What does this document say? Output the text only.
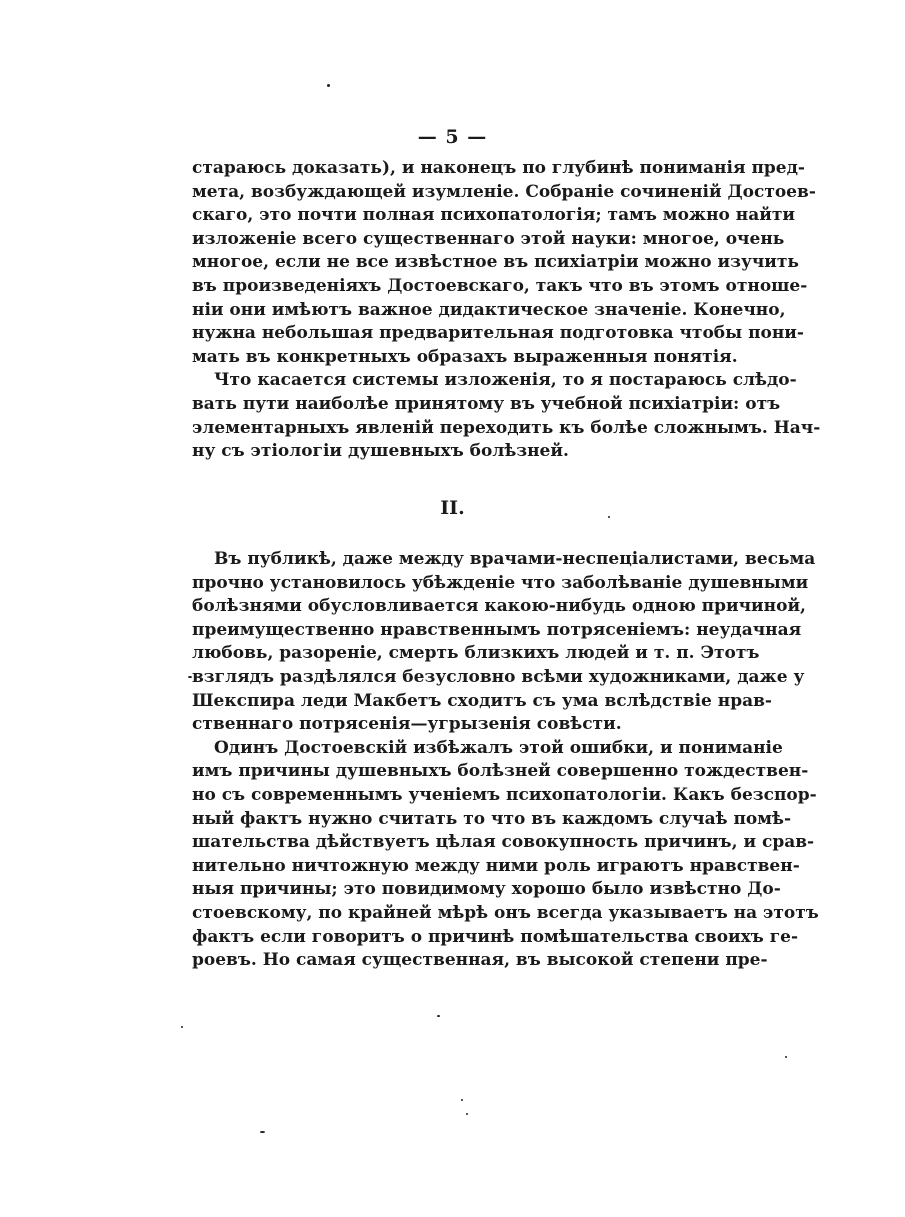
— 5 —
стараюсь доказать), и наконецъ по глубинѣ пониманія пред-
мета, возбуждающей изумленіе. Собраніе сочиненій Достоев-
скаго, это почти полная психопатологія; тамъ можно найти
изложеніе всего существеннаго этой науки: многое, очень
многое, если не все извѣстное въ психіатріи можно изучить
въ произведеніяхъ Достоевскаго, такъ что въ этомъ отноше-
ніи они имѣютъ важное дидактическое значеніе. Конечно,
нужна небольшая предварительная подготовка чтобы пони-
мать въ конкретныхъ образахъ выраженныя понятія.
Что касается системы изложенія, то я постараюсь слѣдо-
вать пути наиболѣе принятому въ учебной психіатріи: отъ
элементарныхъ явленій переходить къ болѣе сложнымъ. Нач-
ну съ этіологіи душевныхъ болѣзней.
II.
Въ публикѣ, даже между врачами-неспеціалистами, весьма
прочно установилось убѣжденіе что заболѣваніе душевными
болѣзнями обусловливается какою-нибудь одною причиной,
преимущественно нравственнымъ потрясеніемъ: неудачная
любовь, разореніе, смерть близкихъ людей и т. п. Этотъ
взглядъ раздѣлялся безусловно всѣми художниками, даже у
Шекспира леди Макбетъ сходитъ съ ума вслѣдствіе нрав-
ственнаго потрясенія—угрызенія совѣсти.
Одинъ Достоевскій избѣжалъ этой ошибки, и пониманіе
имъ причины душевныхъ болѣзней совершенно тождествен-
но съ современнымъ ученіемъ психопатологіи. Какъ безспор-
ный фактъ нужно считать то что въ каждомъ случаѣ помѣ-
шательства дѣйствуетъ цѣлая совокупность причинъ, и срав-
нительно ничтожную между ними роль играютъ нравствен-
ныя причины; это повидимому хорошо было извѣстно До-
стоевскому, по крайней мѣрѣ онъ всегда указываетъ на этотъ
фактъ если говоритъ о причинѣ помѣшательства своихъ ге-
роевъ. Но самая существенная, въ высокой степени пре-
